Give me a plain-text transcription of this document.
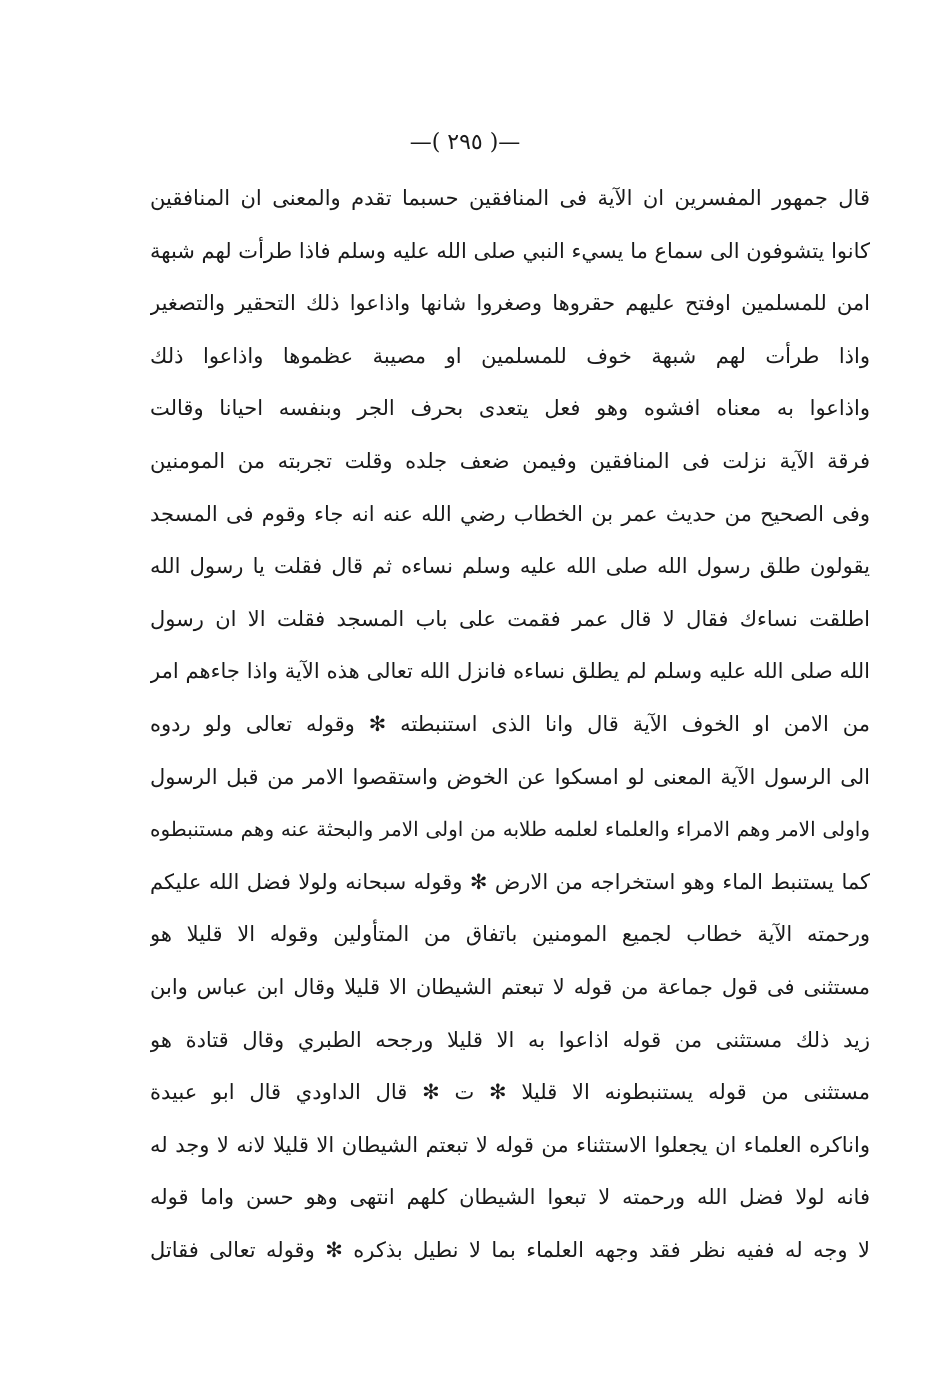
—( ٢٩٥ )—
قال جمهور المفسرين ان الآية فى المنافقين حسبما تقدم والمعنى ان المنافقين
كانوا يتشوفون الى سماع ما يسيء النبي صلى الله عليه وسلم فاذا طرأت لهم شبهة
امن للمسلمين اوفتح عليهم حقروها وصغروا شانها واذاعوا ذلك التحقير والتصغير
واذا طرأت لهم شبهة خوف للمسلمين او مصيبة عظموها واذاعوا ذلك
واذاعوا به معناه افشوه وهو فعل يتعدى بحرف الجر وبنفسه احيانا وقالت
فرقة الآية نزلت فى المنافقين وفيمن ضعف جلده وقلت تجربته من المومنين
وفى الصحيح من حديث عمر بن الخطاب رضي الله عنه انه جاء وقوم فى المسجد
يقولون طلق رسول الله صلى الله عليه وسلم نساءه ثم قال فقلت يا رسول الله
اطلقت نساءك فقال لا قال عمر فقمت على باب المسجد فقلت الا ان رسول
الله صلى الله عليه وسلم لم يطلق نساءه فانزل الله تعالى هذه الآية واذا جاءهم امر
من الامن او الخوف الآية قال وانا الذى استنبطته ✻ وقوله تعالى ولو ردوه
الى الرسول الآية المعنى لو امسكوا عن الخوض واستقصوا الامر من قبل الرسول
واولى الامر وهم الامراء والعلماء لعلمه طلابه من اولى الامر والبحثة عنه وهم مستنبطوه
كما يستنبط الماء وهو استخراجه من الارض ✻ وقوله سبحانه ولولا فضل الله عليكم
ورحمته الآية خطاب لجميع المومنين باتفاق من المتأولين وقوله الا قليلا هو
مستثنى فى قول جماعة من قوله لا تبعتم الشيطان الا قليلا وقال ابن عباس وابن
زيد ذلك مستثنى من قوله اذاعوا به الا قليلا ورجحه الطبري وقال قتادة هو
مستثنى من قوله يستنبطونه الا قليلا ✻ ت ✻ قال الداودي قال ابو عبيدة
واناكره العلماء ان يجعلوا الاستثناء من قوله لا تبعتم الشيطان الا قليلا لانه لا وجد له
فانه لولا فضل الله ورحمته لا تبعوا الشيطان كلهم انتهى وهو حسن واما قوله
لا وجه له ففيه نظر فقد وجهه العلماء بما لا نطيل بذكره ✻ وقوله تعالى فقاتل
